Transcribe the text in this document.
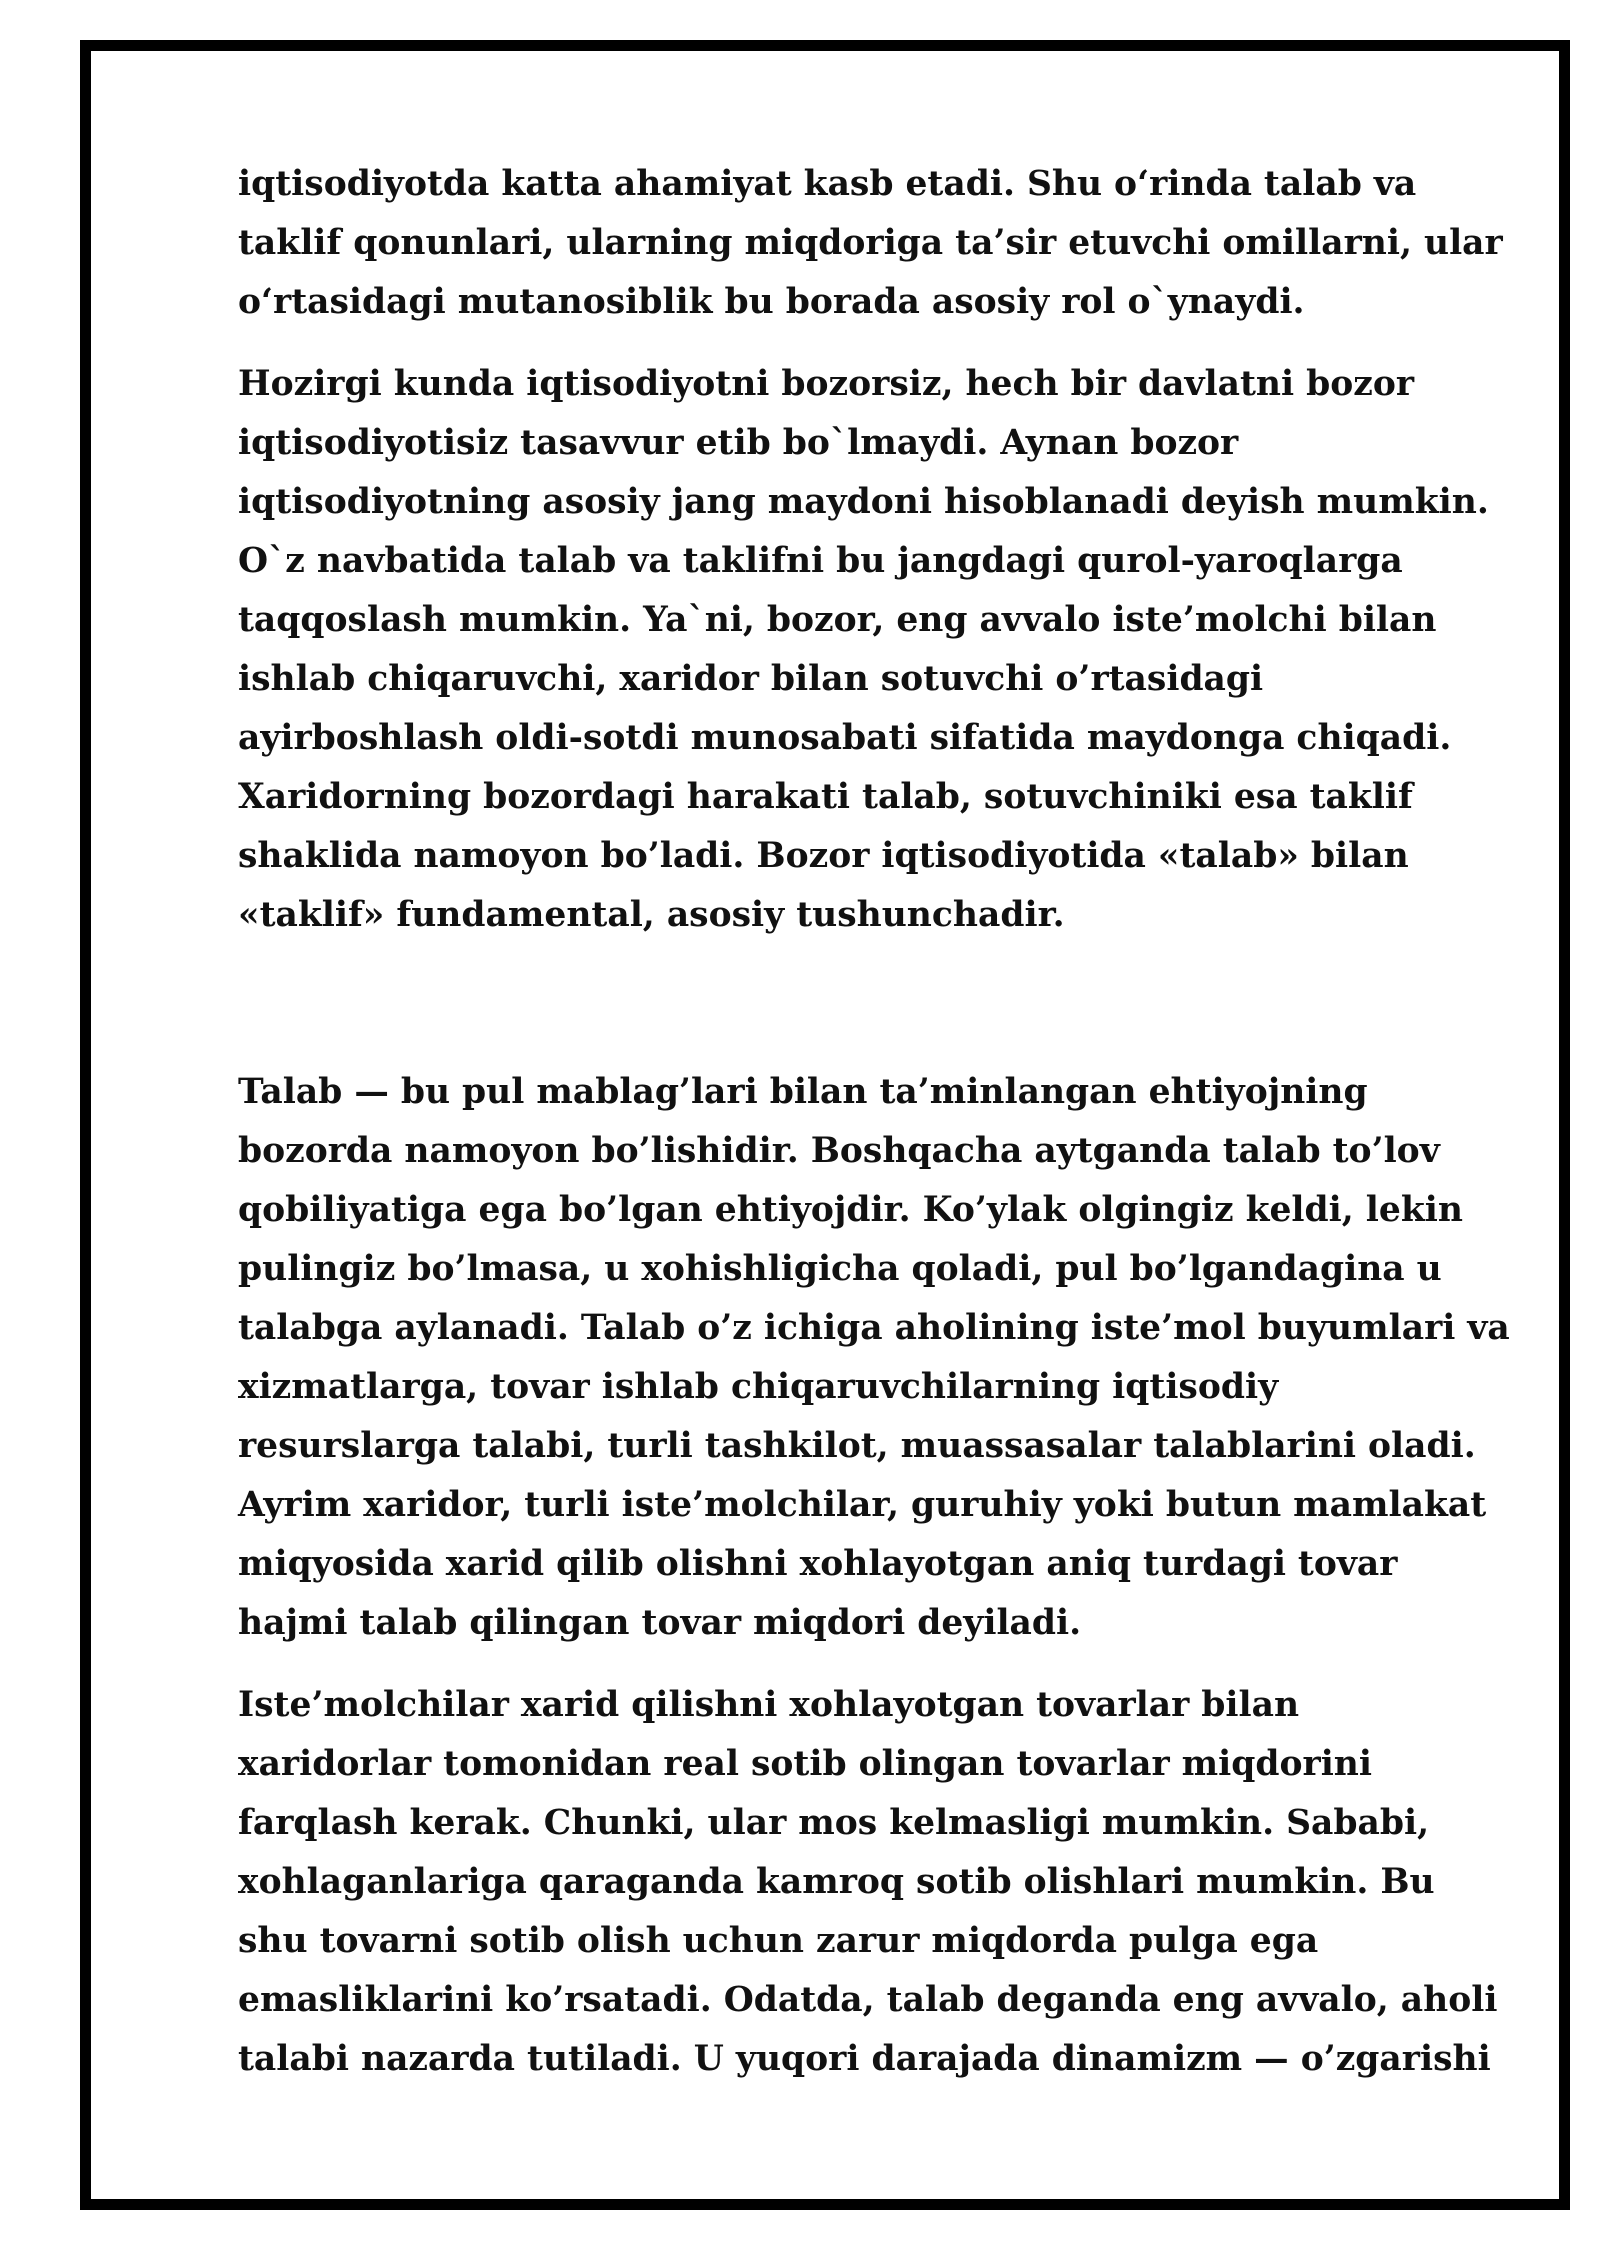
iqtisodiyotda katta ahamiyat kasb etadi. Shu o‘rinda talab va
taklif qonunlari, ularning miqdoriga ta’sir etuvchi omillarni, ular
o‘rtasidagi mutanosiblik bu borada asosiy rol o`ynaydi.
Hozirgi kunda iqtisodiyotni bozorsiz, hech bir davlatni bozor
iqtisodiyotisiz tasavvur etib bo`lmaydi. Aynan bozor
iqtisodiyotning asosiy jang maydoni hisoblanadi deyish mumkin.
O`z navbatida talab va taklifni bu jangdagi qurol-yaroqlarga
taqqoslash mumkin. Ya`ni, bozor, eng avvalo iste’molchi bilan
ishlab chiqaruvchi, xaridor bilan sotuvchi o’rtasidagi
ayirboshlash oldi-sotdi munosabati sifatida maydonga chiqadi.
Xaridorning bozordagi harakati talab, sotuvchiniki esa taklif
shaklida namoyon bo’ladi. Bozor iqtisodiyotida «talab» bilan
«taklif» fundamental, asosiy tushunchadir.
Talab — bu pul mablag’lari bilan ta’minlangan ehtiyojning
bozorda namoyon bo’lishidir. Boshqacha aytganda talab to’lov
qobiliyatiga ega bo’lgan ehtiyojdir. Ko’ylak olgingiz keldi, lekin
pulingiz bo’lmasa, u xohishligicha qoladi, pul bo’lgandagina u
talabga aylanadi. Talab o’z ichiga aholining iste’mol buyumlari va
xizmatlarga, tovar ishlab chiqaruvchilarning iqtisodiy
resurslarga talabi, turli tashkilot, muassasalar talablarini oladi.
Ayrim xaridor, turli iste’molchilar, guruhiy yoki butun mamlakat
miqyosida xarid qilib olishni xohlayotgan aniq turdagi tovar
hajmi talab qilingan tovar miqdori deyiladi.
Iste’molchilar xarid qilishni xohlayotgan tovarlar bilan
xaridorlar tomonidan real sotib olingan tovarlar miqdorini
farqlash kerak. Chunki, ular mos kelmasligi mumkin. Sababi,
xohlaganlariga qaraganda kamroq sotib olishlari mumkin. Bu
shu tovarni sotib olish uchun zarur miqdorda pulga ega
emasliklarini ko’rsatadi. Odatda, talab deganda eng avvalo, aholi
talabi nazarda tutiladi. U yuqori darajada dinamizm — o’zgarishi
